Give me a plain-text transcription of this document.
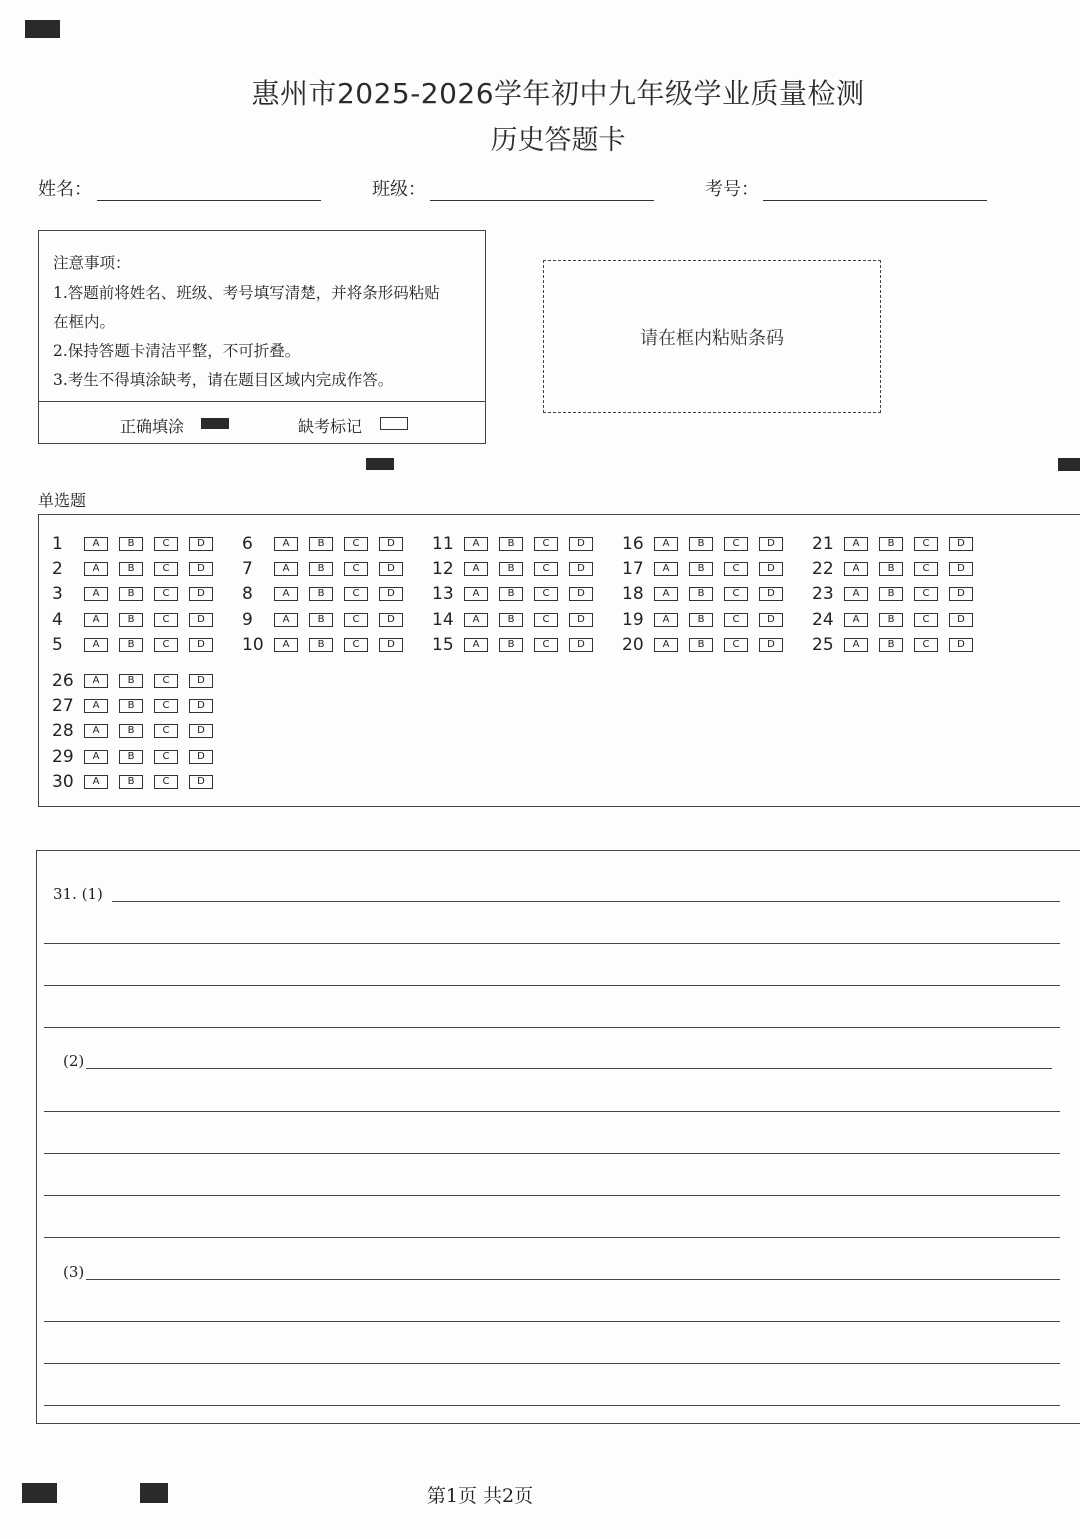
惠州市2025-2026学年初中九年级学业质量检测
历史答题卡
姓名：	班级：	考号：
注意事项：
1.答题前将姓名、班级、考号填写清楚，并将条形码粘贴
在框内。
2.保持答题卡清洁平整，不可折叠。
3.考生不得填涂缺考，请在题目区域内完成作答。
正确填涂	缺考标记
请在框内粘贴条码
单选题
1	A	B	C	D
2	A	B	C	D
3	A	B	C	D
4	A	B	C	D
5	A	B	C	D
6	A	B	C	D
7	A	B	C	D
8	A	B	C	D
9	A	B	C	D
10	A	B	C	D
11	A	B	C	D
12	A	B	C	D
13	A	B	C	D
14	A	B	C	D
15	A	B	C	D
16	A	B	C	D
17	A	B	C	D
18	A	B	C	D
19	A	B	C	D
20	A	B	C	D
21	A	B	C	D
22	A	B	C	D
23	A	B	C	D
24	A	B	C	D
25	A	B	C	D
26	A	B	C	D
27	A	B	C	D
28	A	B	C	D
29	A	B	C	D
30	A	B	C	D
31. (1)
(2)
(3)
第1页 共2页
